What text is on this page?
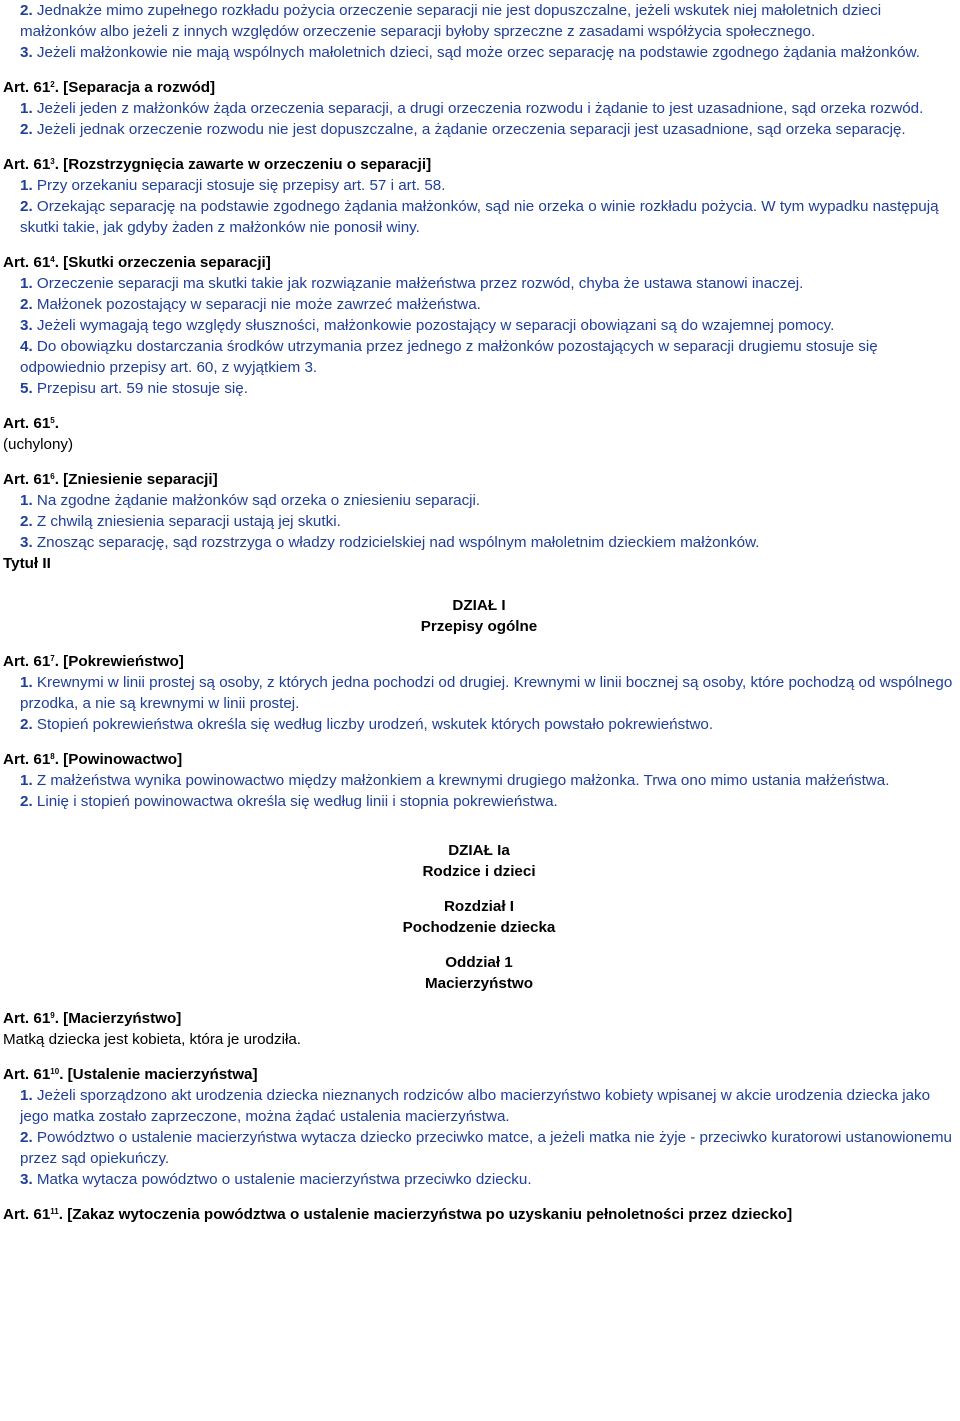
2. Jednakże mimo zupełnego rozkładu pożycia orzeczenie separacji nie jest dopuszczalne, jeżeli wskutek niej małoletnich dzieci małżonków albo jeżeli z innych względów orzeczenie separacji byłoby sprzeczne z zasadami współżycia społecznego.

3. Jeżeli małżonkowie nie mają wspólnych małoletnich dzieci, sąd może orzec separację na podstawie zgodnego żądania małżonków.

Art. $61^2$. [Separacja a rozwód]

1. Jeżeli jeden z małżonków żąda orzeczenia separacji, a drugi orzeczenia rozwodu i żądanie to jest uzasadnione, sąd orzeka rozwód.

2. Jeżeli jednak orzeczenie rozwodu nie jest dopuszczalne, a żądanie orzeczenia separacji jest uzasadnione, sąd orzeka separację.

Art. $61^3$. [Rozstrzygnięcia zawarte w orzeczeniu o separacji]

1. Przy orzekaniu separacji stosuje się przepisy art. 57 i art. 58.

2. Orzekając separację na podstawie zgodnego żądania małżonków, sąd nie orzeka o winie rozkładu pożycia. W tym wypadku następują skutki takie, jak gdyby żaden z małżonków nie ponosił winy.

Art. $61^4$. [Skutki orzeczenia separacji]

1. Orzeczenie separacji ma skutki takie jak rozwiązanie małżeństwa przez rozwód, chyba że ustawa stanowi inaczej.

2. Małżonek pozostający w separacji nie może zawrzeć małżeństwa.

3. Jeżeli wymagają tego względy słuszności, małżonkowie pozostający w separacji obowiązani są do wzajemnej pomocy.

4. Do obowiązku dostarczania środków utrzymania przez jednego z małżonków pozostających w separacji drugiemu stosuje się odpowiednio przepisy art. 60, z wyjątkiem 3.

5. Przepisu art. 59 nie stosuje się.

Art. $61^5$.

(uchylony)

Art. $61^6$. [Zniesienie separacji]

1. Na zgodne żądanie małżonków sąd orzeka o zniesieniu separacji.

2. Z chwilą zniesienia separacji ustają jej skutki.

3. Znosząc separację, sąd rozstrzyga o władzy rodzicielskiej nad wspólnym małoletnim dzieckiem małżonków.

Tytuł II

DZIAŁ I

Przepisy ogólne

Art. $61^7$. [Pokrewieństwo]

1. Krewnymi w linii prostej są osoby, z których jedna pochodzi od drugiej. Krewnymi w linii bocznej są osoby, które pochodzą od wspólnego przodka, a nie są krewnymi w linii prostej.

2. Stopień pokrewieństwa określa się według liczby urodzeń, wskutek których powstało pokrewieństwo.

Art. $61^8$. [Powinowactwo]

1. Z małżeństwa wynika powinowactwo między małżonkiem a krewnymi drugiego małżonka. Trwa ono mimo ustania małżeństwa.

2. Linię i stopień powinowactwa określa się według linii i stopnia pokrewieństwa.

DZIAŁ Ia

Rodzice i dzieci

Rozdział I

Pochodzenie dziecka

Oddział 1

Macierzyństwo

Art. $61^9$. [Macierzyństwo]

Matką dziecka jest kobieta, która je urodziła.

Art. $61^{10}$. [Ustalenie macierzyństwa]

1. Jeżeli sporządzono akt urodzenia dziecka nieznanych rodziców albo macierzyństwo kobiety wpisanej w akcie urodzenia dziecka jako jego matka zostało zaprzeczone, można żądać ustalenia macierzyństwa.

2. Powództwo o ustalenie macierzyństwa wytacza dziecko przeciwko matce, a jeżeli matka nie żyje - przeciwko kuratorowi ustanowionemu przez sąd opiekuńczy.

3. Matka wytacza powództwo o ustalenie macierzyństwa przeciwko dziecku.

Art. $61^{11}$. [Zakaz wytoczenia powództwa o ustalenie macierzyństwa po uzyskaniu pełnoletności przez dziecko]
